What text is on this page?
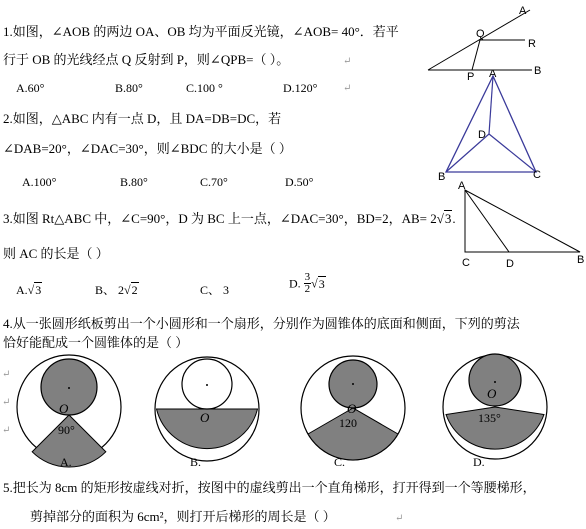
1.如图，∠AOB 的两边 OA、OB 均为平面反光镜，∠AOB= 40°．若平
行于 OB 的光线经点 Q 反射到 P，则∠QPB=（ ）。	↵
A.60°	B.80°	C.100 °	D.120°	↵
A
Q
R
P	B
2.如图，△ABC 内有一点 D，且 DA=DB=DC，若
∠DAB=20°，∠DAC=30°，则∠BDC 的大小是（ ）
A.100°	B.80°	C.70°	D.50°
A
D
B	C
3.如图 Rt△ABC 中，∠C=90°，D 为 BC 上一点，∠DAC=30°，BD=2，AB= 2√3.
则 AC 的长是（ ）
A.√3	B、 2√2	C、 3	D. $\frac{3}{2} √3$
A
C	D	B
4.从一张圆形纸板剪出一个小圆形和一个扇形，分别作为圆锥体的底面和侧面，下列的剪法
恰好能配成一个圆锥体的是（ ）
↵
↵
↵
O
90°
A.
O
B.
O
120
C.
O
135°
D.
5.把长为 8cm 的矩形按虚线对折，按图中的虚线剪出一个直角梯形，打开得到一个等腰梯形，
剪掉部分的面积为 6cm²，则打开后梯形的周长是（ ）	↵
